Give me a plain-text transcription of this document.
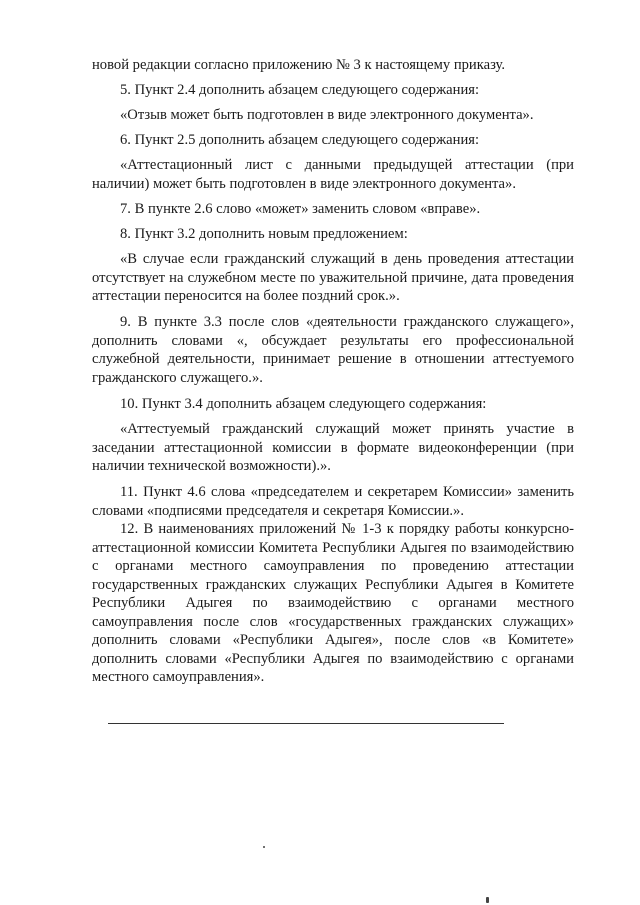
новой редакции согласно приложению № 3 к настоящему приказу.

5. Пункт 2.4 дополнить абзацем следующего содержания:

«Отзыв может быть подготовлен в виде электронного документа».

6. Пункт 2.5 дополнить абзацем следующего содержания:

«Аттестационный лист с данными предыдущей аттестации (при наличии) может быть подготовлен в виде электронного документа».

7. В пункте 2.6 слово «может» заменить словом «вправе».

8. Пункт 3.2 дополнить новым предложением:

«В случае если гражданский служащий в день проведения аттестации отсутствует на служебном месте по уважительной причине, дата проведения аттестации переносится на более поздний срок.».

9. В пункте 3.3 после слов «деятельности гражданского служащего», дополнить словами «, обсуждает результаты его профессиональной служебной деятельности, принимает решение в отношении аттестуемого гражданского служащего.».

10. Пункт 3.4 дополнить абзацем следующего содержания:

«Аттестуемый гражданский служащий может принять участие в заседании аттестационной комиссии в формате видеоконференции (при наличии технической возможности).».

11. Пункт 4.6 слова «председателем и секретарем Комиссии» заменить словами «подписями председателя и секретаря Комиссии.».

12. В наименованиях приложений № 1-3 к порядку работы конкурсно-аттестационной комиссии Комитета Республики Адыгея по взаимодействию с органами местного самоуправления по проведению аттестации государственных гражданских служащих Республики Адыгея в Комитете Республики Адыгея по взаимодействию с органами местного самоуправления после слов «государственных гражданских служащих» дополнить словами «Республики Адыгея», после слов «в Комитете» дополнить словами «Республики Адыгея по взаимодействию с органами местного самоуправления».
